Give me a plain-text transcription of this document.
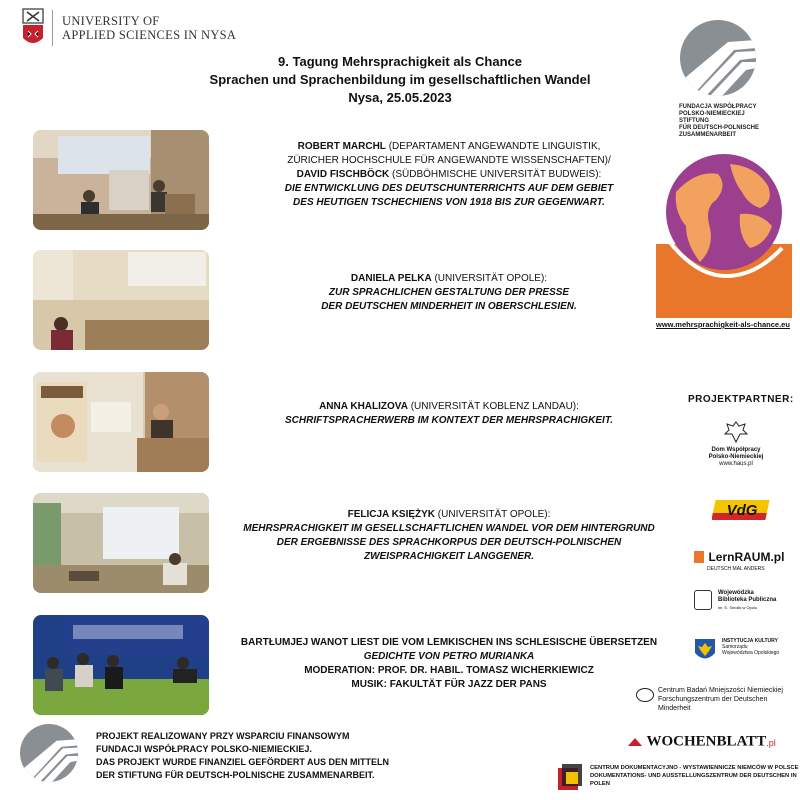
UNIVERSITY OF
APPLIED SCIENCES IN NYSA
9. Tagung Mehrsprachigkeit als Chance
Sprachen und Sprachenbildung im gesellschaftlichen Wandel
Nysa, 25.05.2023
FUNDACJA WSPÓŁPRACY
POLSKO-NIEMIECKIEJ
STIFTUNG
FÜR DEUTSCH-POLNISCHE
ZUSAMMENARBEIT
www.mehrsprachigkeit-als-chance.eu
PROJEKTPARTNER:
ROBERT MARCHL (DEPARTAMENT ANGEWANDTE LINGUISTIK,
ZÜRICHER HOCHSCHULE FÜR ANGEWANDTE WISSENSCHAFTEN)/
DAVID FISCHBÖCK (SÜDBÖHMISCHE UNIVERSITÄT BUDWEIS):
DIE ENTWICKLUNG DES DEUTSCHUNTERRICHTS AUF DEM GEBIET
DES HEUTIGEN TSCHECHIENS VON 1918 BIS ZUR GEGENWART.
DANIELA PELKA (UNIVERSITÄT OPOLE):
ZUR SPRACHLICHEN GESTALTUNG DER PRESSE
DER DEUTSCHEN MINDERHEIT IN OBERSCHLESIEN.
ANNA KHALIZOVA (UNIVERSITÄT KOBLENZ LANDAU):
SCHRIFTSPRACHERWERB IM KONTEXT DER MEHRSPRACHIGKEIT.
FELICJA KSIĘŻYK (UNIVERSITÄT OPOLE):
MEHRSPRACHIGKEIT IM GESELLSCHAFTLICHEN WANDEL VOR DEM HINTERGRUND
DER ERGEBNISSE DES SPRACHKORPUS DER DEUTSCH-POLNISCHEN
ZWEISPRACHIGKEIT LANGGENER.
BARTŁUMJEJ WANOT LIEST DIE VOM LEMKISCHEN INS SCHLESISCHE ÜBERSETZEN
GEDICHTE VON PETRO MURIANKA
MODERATION: PROF. DR. HABIL. TOMASZ WICHERKIEWICZ
MUSIK: FAKULTÄT FÜR JAZZ DER PANS
Dom Współpracy
Polsko-Niemieckiej
www.haus.pl
VdG
LernRAUM.pl
DEUTSCH MAL ANDERS
Wojewódzka
Biblioteka Publiczna
im. E. Smołki w Opolu
INSTYTUCJA KULTURY
Samorządu
Województwa Opolskiego
Centrum Badań Mniejszości Niemieckiej
Forschungszentrum der Deutschen Minderheit
WOCHENBLATT.pl
CENTRUM DOKUMENTACYJNO - WYSTAWIENNICZE NIEMCÓW W POLSCE
DOKUMENTATIONS- UND AUSSTELLUNGSZENTRUM DER DEUTSCHEN IN POLEN
PROJEKT REALIZOWANY PRZY WSPARCIU FINANSOWYM
FUNDACJI WSPÓŁPRACY POLSKO-NIEMIECKIEJ.
DAS PROJEKT WURDE FINANZIEL GEFÖRDERT AUS DEN MITTELN
DER STIFTUNG FÜR DEUTSCH-POLNISCHE ZUSAMMENARBEIT.
